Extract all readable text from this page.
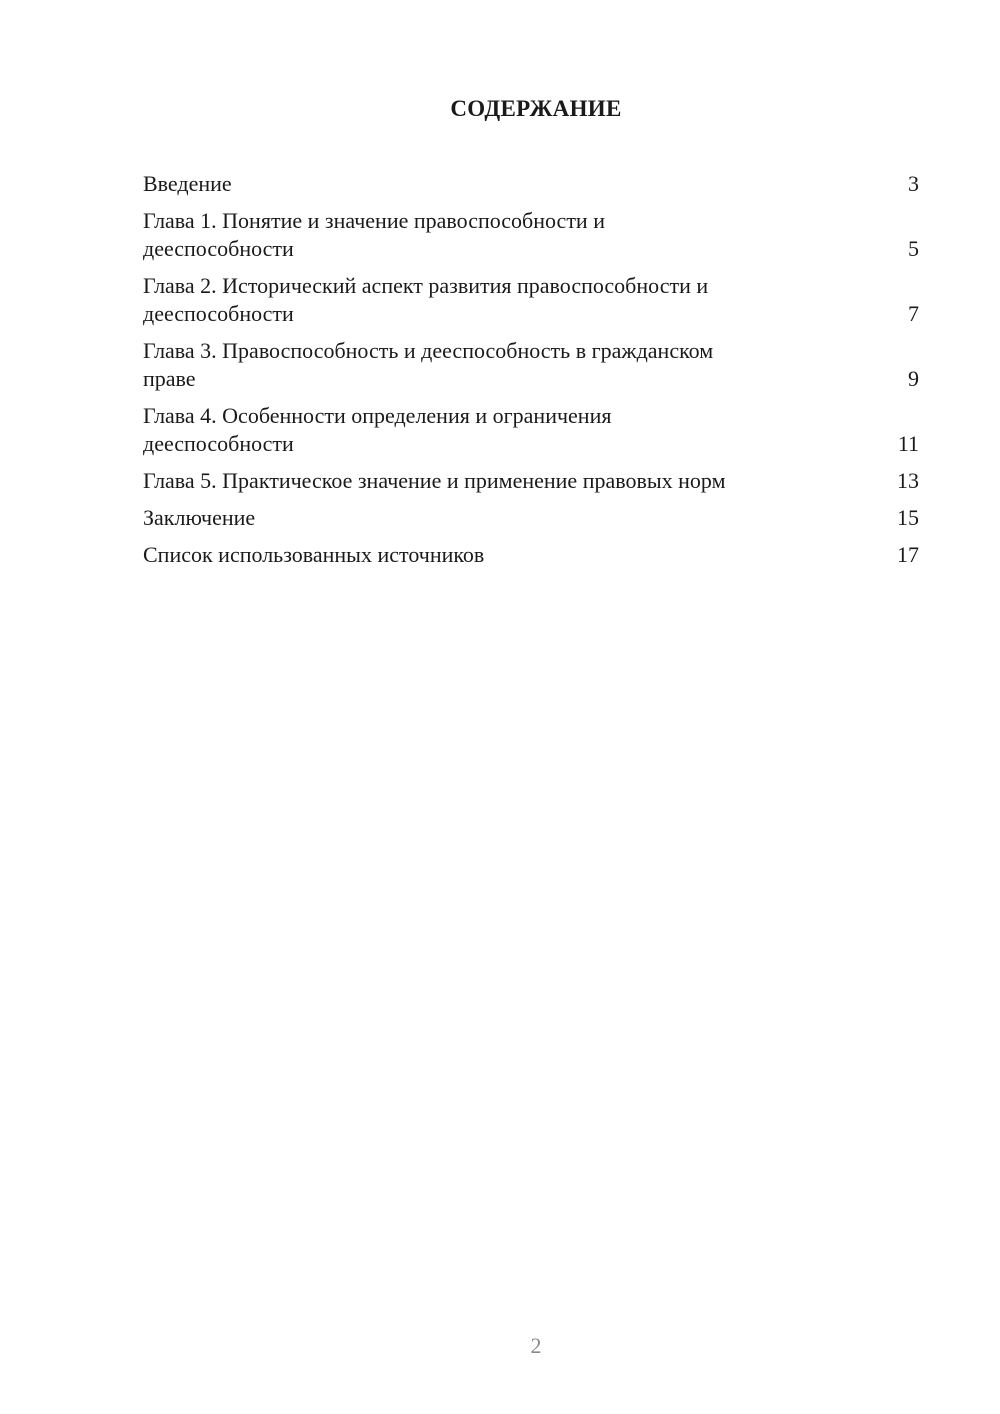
СОДЕРЖАНИЕ
Введение	3
Глава 1. Понятие и значение правоспособности и
дееспособности	5
Глава 2. Исторический аспект развития правоспособности и
дееспособности	7
Глава 3. Правоспособность и дееспособность в гражданском
праве	9
Глава 4. Особенности определения и ограничения
дееспособности	11
Глава 5. Практическое значение и применение правовых норм	13
Заключение	15
Список использованных источников	17
2
